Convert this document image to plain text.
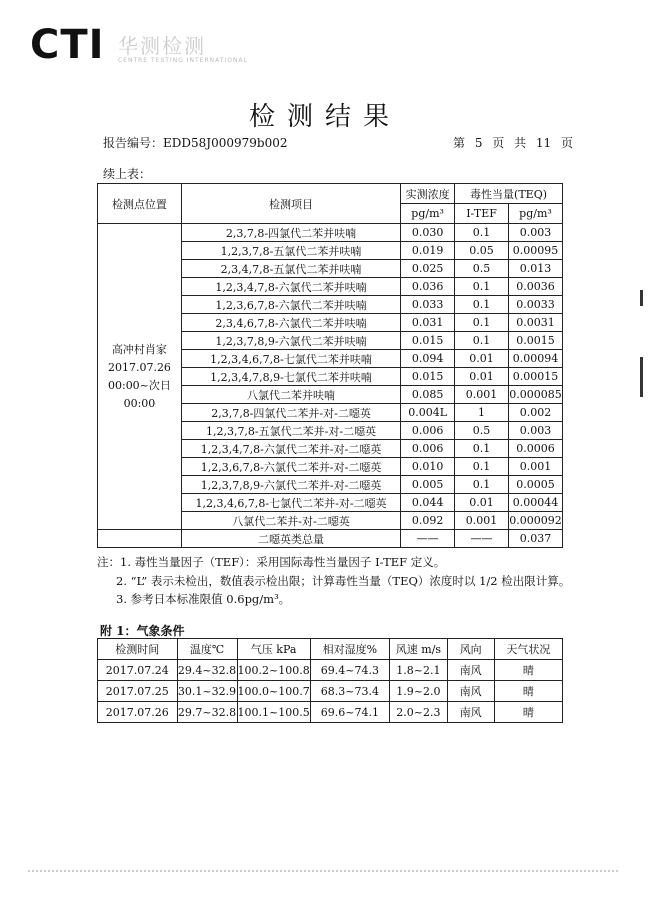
CTI 华测检测
CENTRE TESTING INTERNATIONAL
检测结果
报告编号：EDD58J000979b002	第 5 页 共 11 页
续上表：
检测点位置	检测项目	实测浓度	毒性当量(TEQ)	
		pg/m³	I-TEF	pg/m³

高冲村肖家
2017.07.26
00:00~次日
00:00	2,3,7,8-四氯代二苯并呋喃	0.030	0.1	0.003
	1,2,3,7,8-五氯代二苯并呋喃	0.019	0.05	0.00095
	2,3,4,7,8-五氯代二苯并呋喃	0.025	0.5	0.013
	1,2,3,4,7,8-六氯代二苯并呋喃	0.036	0.1	0.0036
	1,2,3,6,7,8-六氯代二苯并呋喃	0.033	0.1	0.0033
	2,3,4,6,7,8-六氯代二苯并呋喃	0.031	0.1	0.0031
	1,2,3,7,8,9-六氯代二苯并呋喃	0.015	0.1	0.0015
	1,2,3,4,6,7,8-七氯代二苯并呋喃	0.094	0.01	0.00094
	1,2,3,4,7,8,9-七氯代二苯并呋喃	0.015	0.01	0.00015
	八氯代二苯并呋喃	0.085	0.001	0.000085
	2,3,7,8-四氯代二苯并-对-二噁英	0.004L	1	0.002
	1,2,3,7,8-五氯代二苯并-对-二噁英	0.006	0.5	0.003
	1,2,3,4,7,8-六氯代二苯并-对-二噁英	0.006	0.1	0.0006
	1,2,3,6,7,8-六氯代二苯并-对-二噁英	0.010	0.1	0.001
	1,2,3,7,8,9-六氯代二苯并-对-二噁英	0.005	0.1	0.0005
	1,2,3,4,6,7,8-七氯代二苯并-对-二噁英	0.044	0.01	0.00044
	八氯代二苯并-对-二噁英	0.092	0.001	0.000092
	二噁英类总量	——	——	0.037
注：1. 毒性当量因子（TEF）：采用国际毒性当量因子 I-TEF 定义。
2. “L” 表示未检出，数值表示检出限；计算毒性当量（TEQ）浓度时以 1/2 检出限计算。
3. 参考日本标准限值 0.6pg/m³。
附 1：气象条件
检测时间	温度℃	气压 kPa	相对湿度%	风速 m/s	风向	天气状况
2017.07.24	29.4~32.8	100.2~100.8	69.4~74.3	1.8~2.1	南风	晴
2017.07.25	30.1~32.9	100.0~100.7	68.3~73.4	1.9~2.0	南风	晴
2017.07.26	29.7~32.8	100.1~100.5	69.6~74.1	2.0~2.3	南风	晴
